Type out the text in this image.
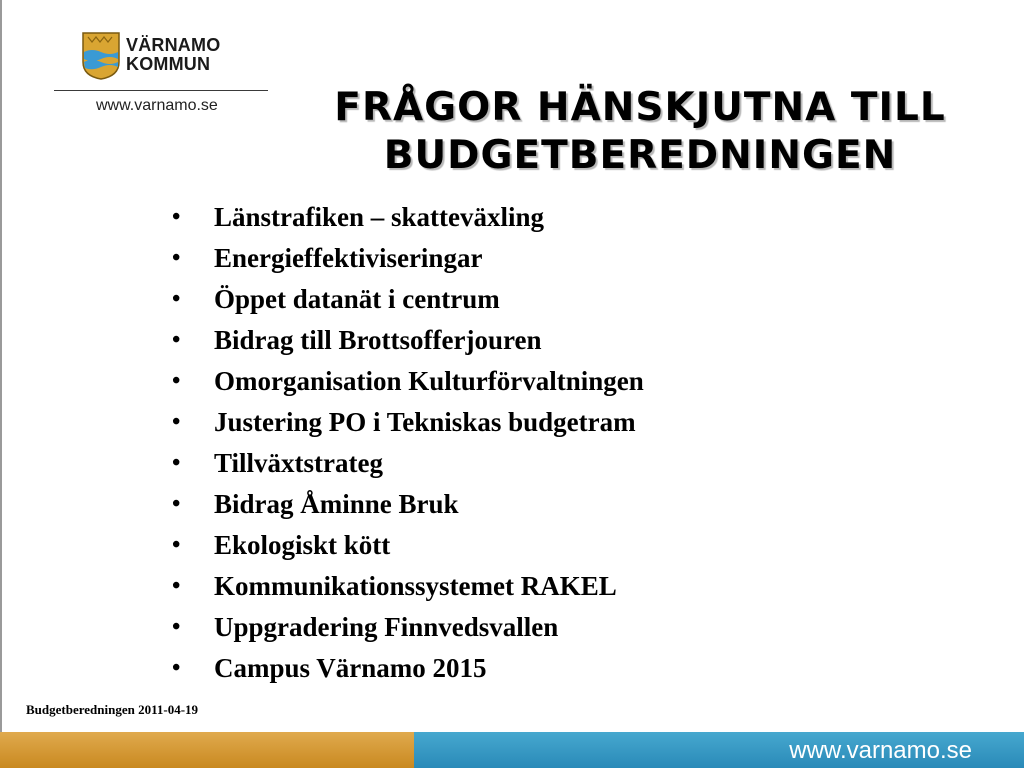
VÄRNAMO
KOMMUN
www.varnamo.se	FRÅGOR HÄNSKJUTNA TILL
BUDGETBEREDNINGEN
• Länstrafiken – skatteväxling
• Energieffektiviseringar
• Öppet datanät i centrum
• Bidrag till Brottsofferjouren
• Omorganisation Kulturförvaltningen
• Justering PO i Tekniskas budgetram
• Tillväxtstrateg
• Bidrag Åminne Bruk
• Ekologiskt kött
• Kommunikationssystemet RAKEL
• Uppgradering Finnvedsvallen
• Campus Värnamo 2015
Budgetberedningen 2011-04-19
www.varnamo.se
